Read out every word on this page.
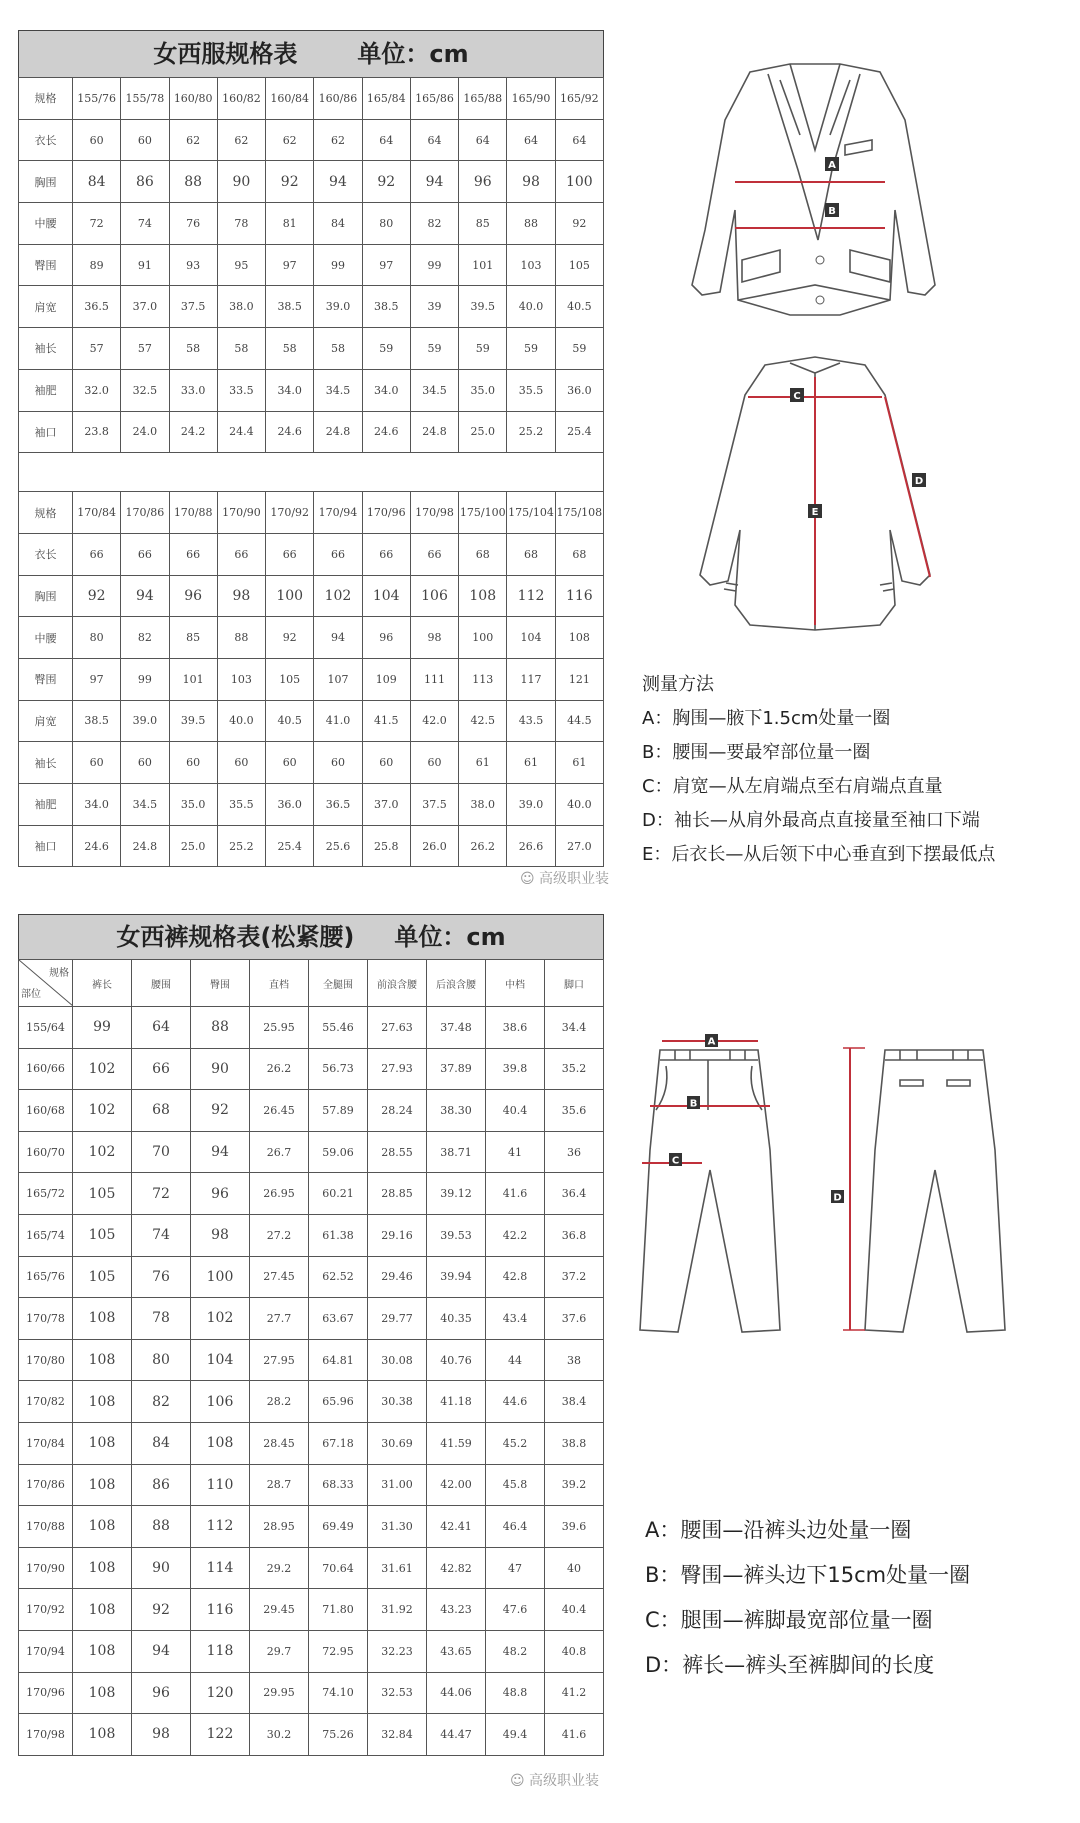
女西服规格表	单位：cm
规格	155/76	155/78	160/80	160/82	160/84	160/86	165/84	165/86	165/88	165/90	165/92
衣长	60	60	62	62	62	62	64	64	64	64	64
胸围	84	86	88	90	92	94	92	94	96	98	100
中腰	72	74	76	78	81	84	80	82	85	88	92
臀围	89	91	93	95	97	99	97	99	101	103	105
肩宽	36.5	37.0	37.5	38.0	38.5	39.0	38.5	39	39.5	40.0	40.5
袖长	57	57	58	58	58	58	59	59	59	59	59
袖肥	32.0	32.5	33.0	33.5	34.0	34.5	34.0	34.5	35.0	35.5	36.0
袖口	23.8	24.0	24.2	24.4	24.6	24.8	24.6	24.8	25.0	25.2	25.4

规格	170/84	170/86	170/88	170/90	170/92	170/94	170/96	170/98	175/100	175/104	175/108
衣长	66	66	66	66	66	66	66	66	68	68	68
胸围	92	94	96	98	100	102	104	106	108	112	116
中腰	80	82	85	88	92	94	96	98	100	104	108
臀围	97	99	101	103	105	107	109	111	113	117	121
肩宽	38.5	39.0	39.5	40.0	40.5	41.0	41.5	42.0	42.5	43.5	44.5
袖长	60	60	60	60	60	60	60	60	61	61	61
袖肥	34.0	34.5	35.0	35.5	36.0	36.5	37.0	37.5	38.0	39.0	40.0
袖口	24.6	24.8	25.0	25.2	25.4	25.6	25.8	26.0	26.2	26.6	27.0
女西裤规格表(松紧腰) 单位：cm
规格
部位	裤长	腰围	臀围	直档	全腿围	前浪含腰	后浪含腰	中档	脚口
155/64	99	64	88	25.95	55.46	27.63	37.48	38.6	34.4
160/66	102	66	90	26.2	56.73	27.93	37.89	39.8	35.2
160/68	102	68	92	26.45	57.89	28.24	38.30	40.4	35.6
160/70	102	70	94	26.7	59.06	28.55	38.71	41	36
165/72	105	72	96	26.95	60.21	28.85	39.12	41.6	36.4
165/74	105	74	98	27.2	61.38	29.16	39.53	42.2	36.8
165/76	105	76	100	27.45	62.52	29.46	39.94	42.8	37.2
170/78	108	78	102	27.7	63.67	29.77	40.35	43.4	37.6
170/80	108	80	104	27.95	64.81	30.08	40.76	44	38
170/82	108	82	106	28.2	65.96	30.38	41.18	44.6	38.4
170/84	108	84	108	28.45	67.18	30.69	41.59	45.2	38.8
170/86	108	86	110	28.7	68.33	31.00	42.00	45.8	39.2
170/88	108	88	112	28.95	69.49	31.30	42.41	46.4	39.6
170/90	108	90	114	29.2	70.64	31.61	42.82	47	40
170/92	108	92	116	29.45	71.80	31.92	43.23	47.6	40.4
170/94	108	94	118	29.7	72.95	32.23	43.65	48.2	40.8
170/96	108	96	120	29.95	74.10	32.53	44.06	48.8	41.2
170/98	108	98	122	30.2	75.26	32.84	44.47	49.4	41.6
A
B
C
D
E
测量方法
A：胸围—腋下1.5cm处量一圈
B：腰围—要最窄部位量一圈
C：肩宽—从左肩端点至右肩端点直量
D：袖长—从肩外最高点直接量至袖口下端
E：后衣长—从后领下中心垂直到下摆最低点
☺ 高级职业装
A
B
C
D
A：腰围—沿裤头边处量一圈
B：臀围—裤头边下15cm处量一圈
C：腿围—裤脚最宽部位量一圈
D：裤长—裤头至裤脚间的长度
☺ 高级职业装
